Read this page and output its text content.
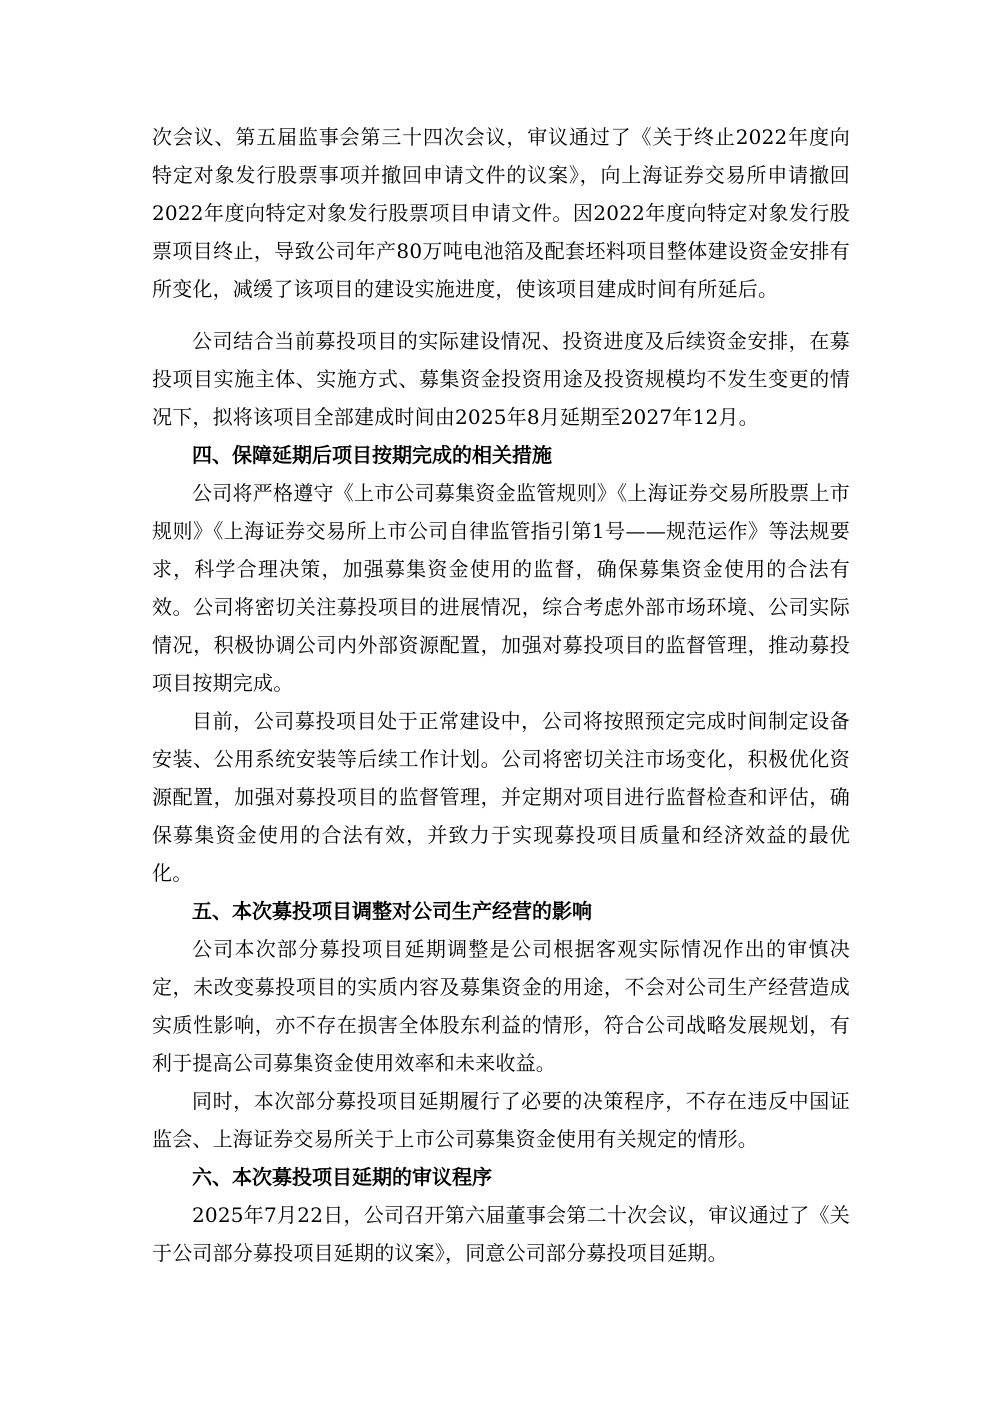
次会议、第五届监事会第三十四次会议，审议通过了《关于终止2022年度向特定对象发行股票事项并撤回申请文件的议案》，向上海证券交易所申请撤回2022年度向特定对象发行股票项目申请文件。因2022年度向特定对象发行股票项目终止，导致公司年产80万吨电池箔及配套坯料项目整体建设资金安排有所变化，减缓了该项目的建设实施进度，使该项目建成时间有所延后。

公司结合当前募投项目的实际建设情况、投资进度及后续资金安排，在募投项目实施主体、实施方式、募集资金投资用途及投资规模均不发生变更的情况下，拟将该项目全部建成时间由2025年8月延期至2027年12月。

四、保障延期后项目按期完成的相关措施

公司将严格遵守《上市公司募集资金监管规则》《上海证券交易所股票上市规则》《上海证券交易所上市公司自律监管指引第1号——规范运作》等法规要求，科学合理决策，加强募集资金使用的监督，确保募集资金使用的合法有效。公司将密切关注募投项目的进展情况，综合考虑外部市场环境、公司实际情况，积极协调公司内外部资源配置，加强对募投项目的监督管理，推动募投项目按期完成。

目前，公司募投项目处于正常建设中，公司将按照预定完成时间制定设备安装、公用系统安装等后续工作计划。公司将密切关注市场变化，积极优化资源配置，加强对募投项目的监督管理，并定期对项目进行监督检查和评估，确保募集资金使用的合法有效，并致力于实现募投项目质量和经济效益的最优化。

五、本次募投项目调整对公司生产经营的影响

公司本次部分募投项目延期调整是公司根据客观实际情况作出的审慎决定，未改变募投项目的实质内容及募集资金的用途，不会对公司生产经营造成实质性影响，亦不存在损害全体股东利益的情形，符合公司战略发展规划，有利于提高公司募集资金使用效率和未来收益。

同时，本次部分募投项目延期履行了必要的决策程序，不存在违反中国证监会、上海证券交易所关于上市公司募集资金使用有关规定的情形。

六、本次募投项目延期的审议程序

2025年7月22日，公司召开第六届董事会第二十次会议，审议通过了《关于公司部分募投项目延期的议案》，同意公司部分募投项目延期。
